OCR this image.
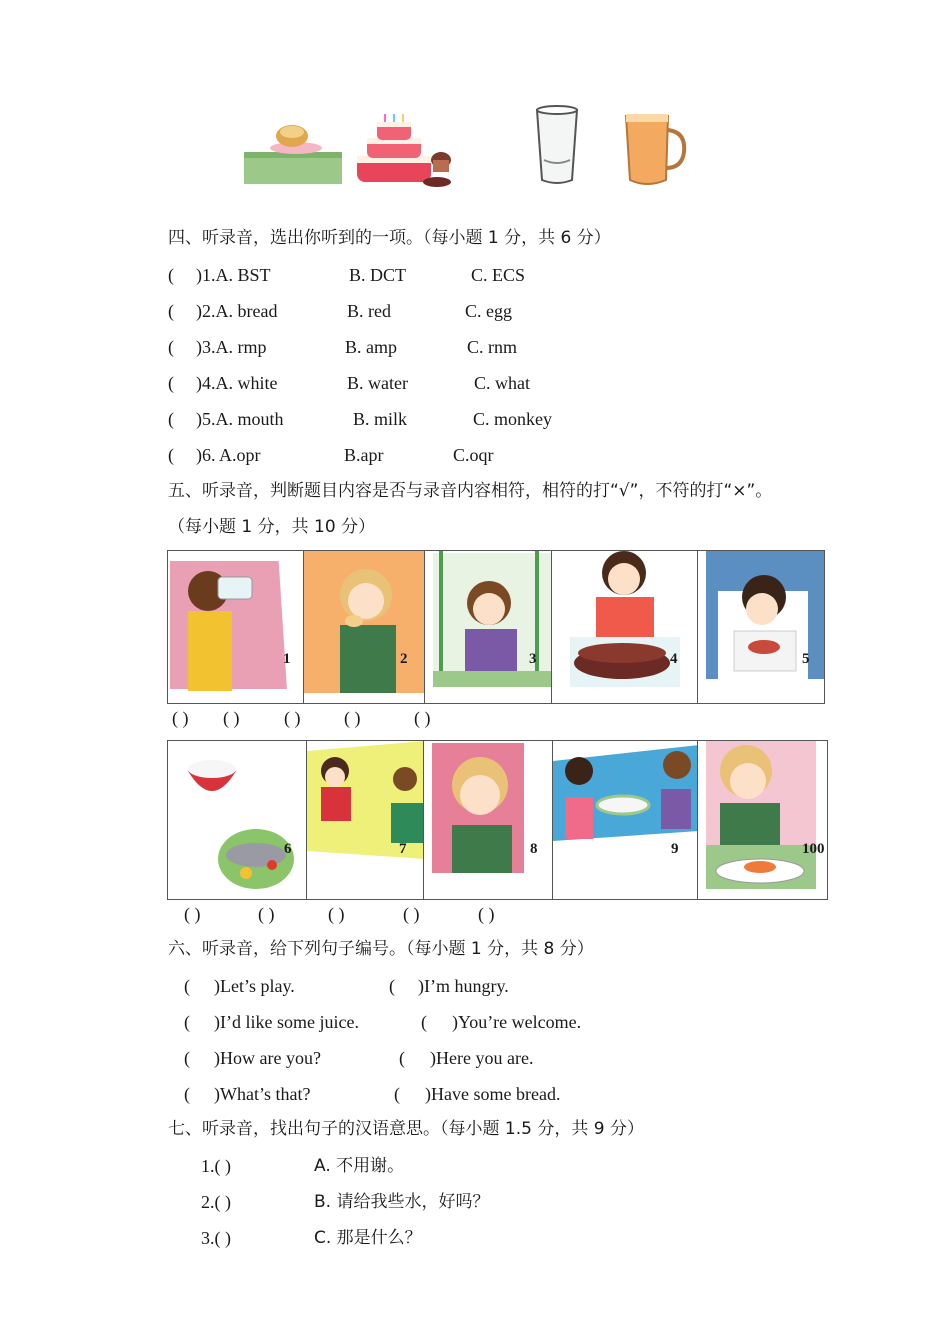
四、听录音，选出你听到的一项。（每小题 1 分，共 6 分）
( )1.A. BST	B. DCT	C. ECS
( )2.A. bread	B. red	C. egg
( )3.A. rmp	B. amp	C. rnm
( )4.A. white	B. water	C. what
( )5.A. mouth	B. milk	C. monkey
( )6. A.opr	B.apr	C.oqr
五、听录音，判断题目内容是否与录音内容相符，相符的打“√”，不符的打“×”。
（每小题 1 分，共 10 分）
1	2	3	4	5
( ) ( ) ( ) ( )	( )
6	7	8	9	100
( )	( )	( )	( )	( )
六、听录音，给下列句子编号。（每小题 1 分，共 8 分）
( )Let’s play.	( )I’m hungry.
( )I’d like some juice.	( )You’re welcome.
( )How are you?	( )Here you are.
( )What’s that?	( )Have some bread.
七、听录音，找出句子的汉语意思。（每小题 1.5 分，共 9 分）
1.( )	A. 不用谢。
2.( )	B. 请给我些水，好吗？
3.( )	C. 那是什么？
